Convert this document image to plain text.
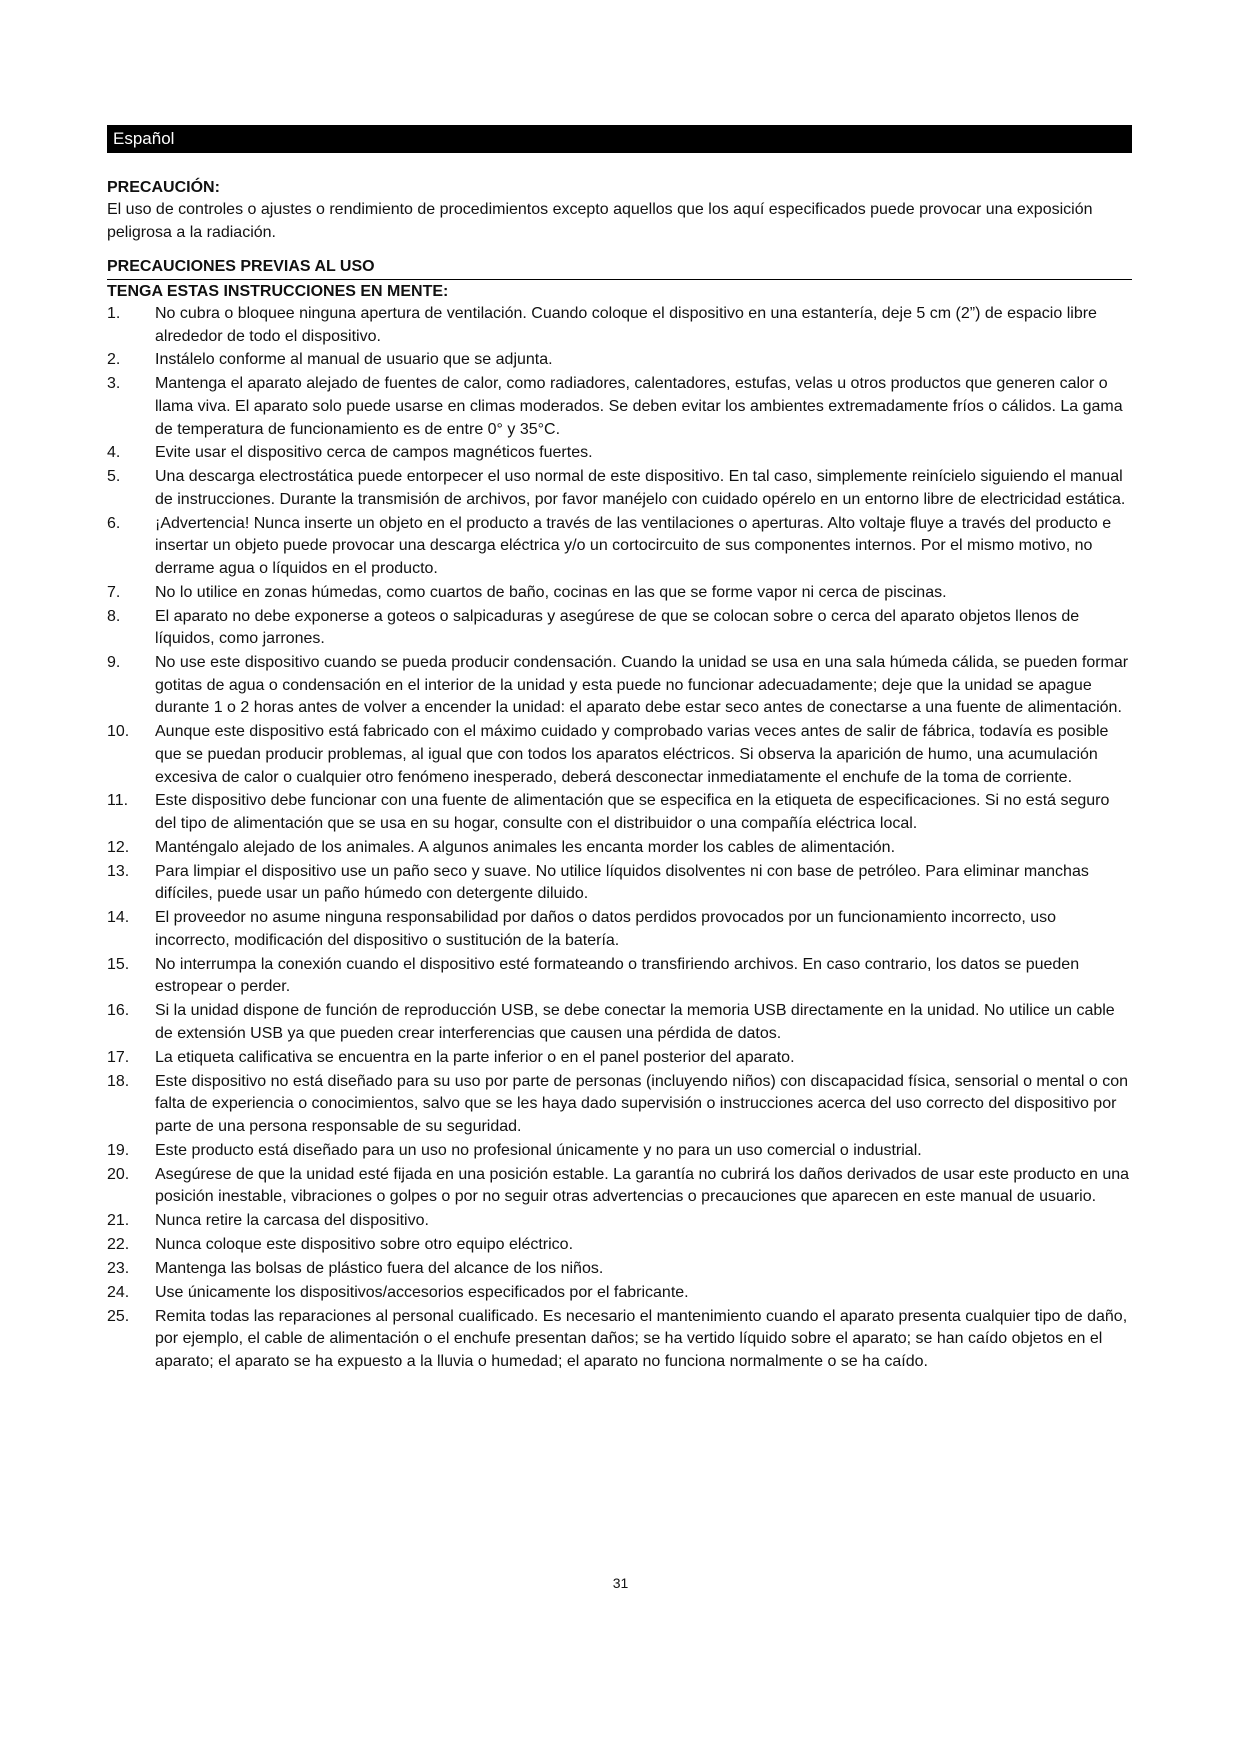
Español
PRECAUCIÓN:
El uso de controles o ajustes o rendimiento de procedimientos excepto aquellos que los aquí especificados puede provocar una exposición peligrosa a la radiación.
PRECAUCIONES PREVIAS AL USO
TENGA ESTAS INSTRUCCIONES EN MENTE:
1. No cubra o bloquee ninguna apertura de ventilación. Cuando coloque el dispositivo en una estantería, deje 5 cm (2”) de espacio libre alrededor de todo el dispositivo.
2. Instálelo conforme al manual de usuario que se adjunta.
3. Mantenga el aparato alejado de fuentes de calor, como radiadores, calentadores, estufas, velas u otros productos que generen calor o llama viva. El aparato solo puede usarse en climas moderados. Se deben evitar los ambientes extremadamente fríos o cálidos. La gama de temperatura de funcionamiento es de entre 0° y 35°C.
4. Evite usar el dispositivo cerca de campos magnéticos fuertes.
5. Una descarga electrostática puede entorpecer el uso normal de este dispositivo. En tal caso, simplemente reinícielo siguiendo el manual de instrucciones. Durante la transmisión de archivos, por favor manéjelo con cuidado opérelo en un entorno libre de electricidad estática.
6. ¡Advertencia! Nunca inserte un objeto en el producto a través de las ventilaciones o aperturas. Alto voltaje fluye a través del producto e insertar un objeto puede provocar una descarga eléctrica y/o un cortocircuito de sus componentes internos. Por el mismo motivo, no derrame agua o líquidos en el producto.
7. No lo utilice en zonas húmedas, como cuartos de baño, cocinas en las que se forme vapor ni cerca de piscinas.
8. El aparato no debe exponerse a goteos o salpicaduras y asegúrese de que se colocan sobre o cerca del aparato objetos llenos de líquidos, como jarrones.
9. No use este dispositivo cuando se pueda producir condensación. Cuando la unidad se usa en una sala húmeda cálida, se pueden formar gotitas de agua o condensación en el interior de la unidad y esta puede no funcionar adecuadamente; deje que la unidad se apague durante 1 o 2 horas antes de volver a encender la unidad: el aparato debe estar seco antes de conectarse a una fuente de alimentación.
10. Aunque este dispositivo está fabricado con el máximo cuidado y comprobado varias veces antes de salir de fábrica, todavía es posible que se puedan producir problemas, al igual que con todos los aparatos eléctricos. Si observa la aparición de humo, una acumulación excesiva de calor o cualquier otro fenómeno inesperado, deberá desconectar inmediatamente el enchufe de la toma de corriente.
11. Este dispositivo debe funcionar con una fuente de alimentación que se especifica en la etiqueta de especificaciones. Si no está seguro del tipo de alimentación que se usa en su hogar, consulte con el distribuidor o una compañía eléctrica local.
12. Manténgalo alejado de los animales. A algunos animales les encanta morder los cables de alimentación.
13. Para limpiar el dispositivo use un paño seco y suave. No utilice líquidos disolventes ni con base de petróleo. Para eliminar manchas difíciles, puede usar un paño húmedo con detergente diluido.
14. El proveedor no asume ninguna responsabilidad por daños o datos perdidos provocados por un funcionamiento incorrecto, uso incorrecto, modificación del dispositivo o sustitución de la batería.
15. No interrumpa la conexión cuando el dispositivo esté formateando o transfiriendo archivos. En caso contrario, los datos se pueden estropear o perder.
16. Si la unidad dispone de función de reproducción USB, se debe conectar la memoria USB directamente en la unidad. No utilice un cable de extensión USB ya que pueden crear interferencias que causen una pérdida de datos.
17. La etiqueta calificativa se encuentra en la parte inferior o en el panel posterior del aparato.
18. Este dispositivo no está diseñado para su uso por parte de personas (incluyendo niños) con discapacidad física, sensorial o mental o con falta de experiencia o conocimientos, salvo que se les haya dado supervisión o instrucciones acerca del uso correcto del dispositivo por parte de una persona responsable de su seguridad.
19. Este producto está diseñado para un uso no profesional únicamente y no para un uso comercial o industrial.
20. Asegúrese de que la unidad esté fijada en una posición estable. La garantía no cubrirá los daños derivados de usar este producto en una posición inestable, vibraciones o golpes o por no seguir otras advertencias o precauciones que aparecen en este manual de usuario.
21. Nunca retire la carcasa del dispositivo.
22. Nunca coloque este dispositivo sobre otro equipo eléctrico.
23. Mantenga las bolsas de plástico fuera del alcance de los niños.
24. Use únicamente los dispositivos/accesorios especificados por el fabricante.
25. Remita todas las reparaciones al personal cualificado. Es necesario el mantenimiento cuando el aparato presenta cualquier tipo de daño, por ejemplo, el cable de alimentación o el enchufe presentan daños; se ha vertido líquido sobre el aparato; se han caído objetos en el aparato; el aparato se ha expuesto a la lluvia o humedad; el aparato no funciona normalmente o se ha caído.
31
